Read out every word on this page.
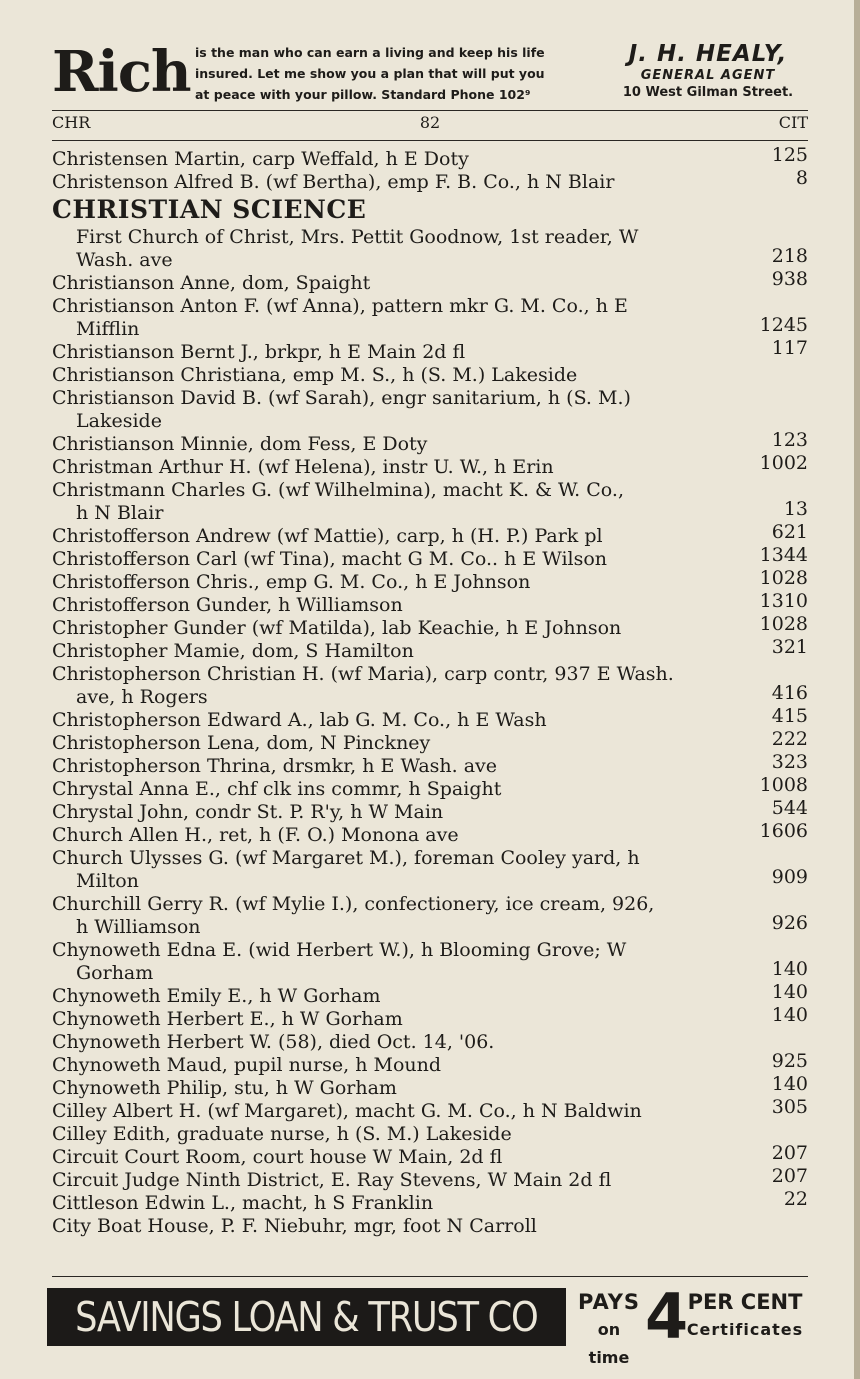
Rich is the man who can earn a living and keep his life
insured. Let me show you a plan that will put you
at peace with your pillow. Standard Phone 102⁹
J. H. HEALY,
GENERAL AGENT
10 West Gilman Street.
CHR	82	CIT
Christensen Martin, carp Weffald, h E Doty	125
Christenson Alfred B. (wf Bertha), emp F. B. Co., h N Blair	8
CHRISTIAN SCIENCE
First Church of Christ, Mrs. Pettit Goodnow, 1st reader, W
Wash. ave	218
Christianson Anne, dom, Spaight	938
Christianson Anton F. (wf Anna), pattern mkr G. M. Co., h E
Mifflin	1245
Christianson Bernt J., brkpr, h E Main 2d fl	117
Christianson Christiana, emp M. S., h (S. M.) Lakeside
Christianson David B. (wf Sarah), engr sanitarium, h (S. M.)
Lakeside
Christianson Minnie, dom Fess, E Doty	123
Christman Arthur H. (wf Helena), instr U. W., h Erin	1002
Christmann Charles G. (wf Wilhelmina), macht K. & W. Co.,
h N Blair	13
Christofferson Andrew (wf Mattie), carp, h (H. P.) Park pl	621
Christofferson Carl (wf Tina), macht G M. Co.. h E Wilson	1344
Christofferson Chris., emp G. M. Co., h E Johnson	1028
Christofferson Gunder, h Williamson	1310
Christopher Gunder (wf Matilda), lab Keachie, h E Johnson	1028
Christopher Mamie, dom, S Hamilton	321
Christopherson Christian H. (wf Maria), carp contr, 937 E Wash.
ave, h Rogers	416
Christopherson Edward A., lab G. M. Co., h E Wash	415
Christopherson Lena, dom, N Pinckney	222
Christopherson Thrina, drsmkr, h E Wash. ave	323
Chrystal Anna E., chf clk ins commr, h Spaight	1008
Chrystal John, condr St. P. R'y, h W Main	544
Church Allen H., ret, h (F. O.) Monona ave	1606
Church Ulysses G. (wf Margaret M.), foreman Cooley yard, h
Milton	909
Churchill Gerry R. (wf Mylie I.), confectionery, ice cream, 926,
h Williamson	926
Chynoweth Edna E. (wid Herbert W.), h Blooming Grove; W
Gorham	140
Chynoweth Emily E., h W Gorham	140
Chynoweth Herbert E., h W Gorham	140
Chynoweth Herbert W. (58), died Oct. 14, '06.
Chynoweth Maud, pupil nurse, h Mound	925
Chynoweth Philip, stu, h W Gorham	140
Cilley Albert H. (wf Margaret), macht G. M. Co., h N Baldwin	305
Cilley Edith, graduate nurse, h (S. M.) Lakeside
Circuit Court Room, court house W Main, 2d fl	207
Circuit Judge Ninth District, E. Ray Stevens, W Main 2d fl	207
Cittleson Edwin L., macht, h S Franklin	22
City Boat House, P. F. Niebuhr, mgr, foot N Carroll
SAVINGS LOAN & TRUST CO	PAYS
on time
4 PER CENT
Certificates
